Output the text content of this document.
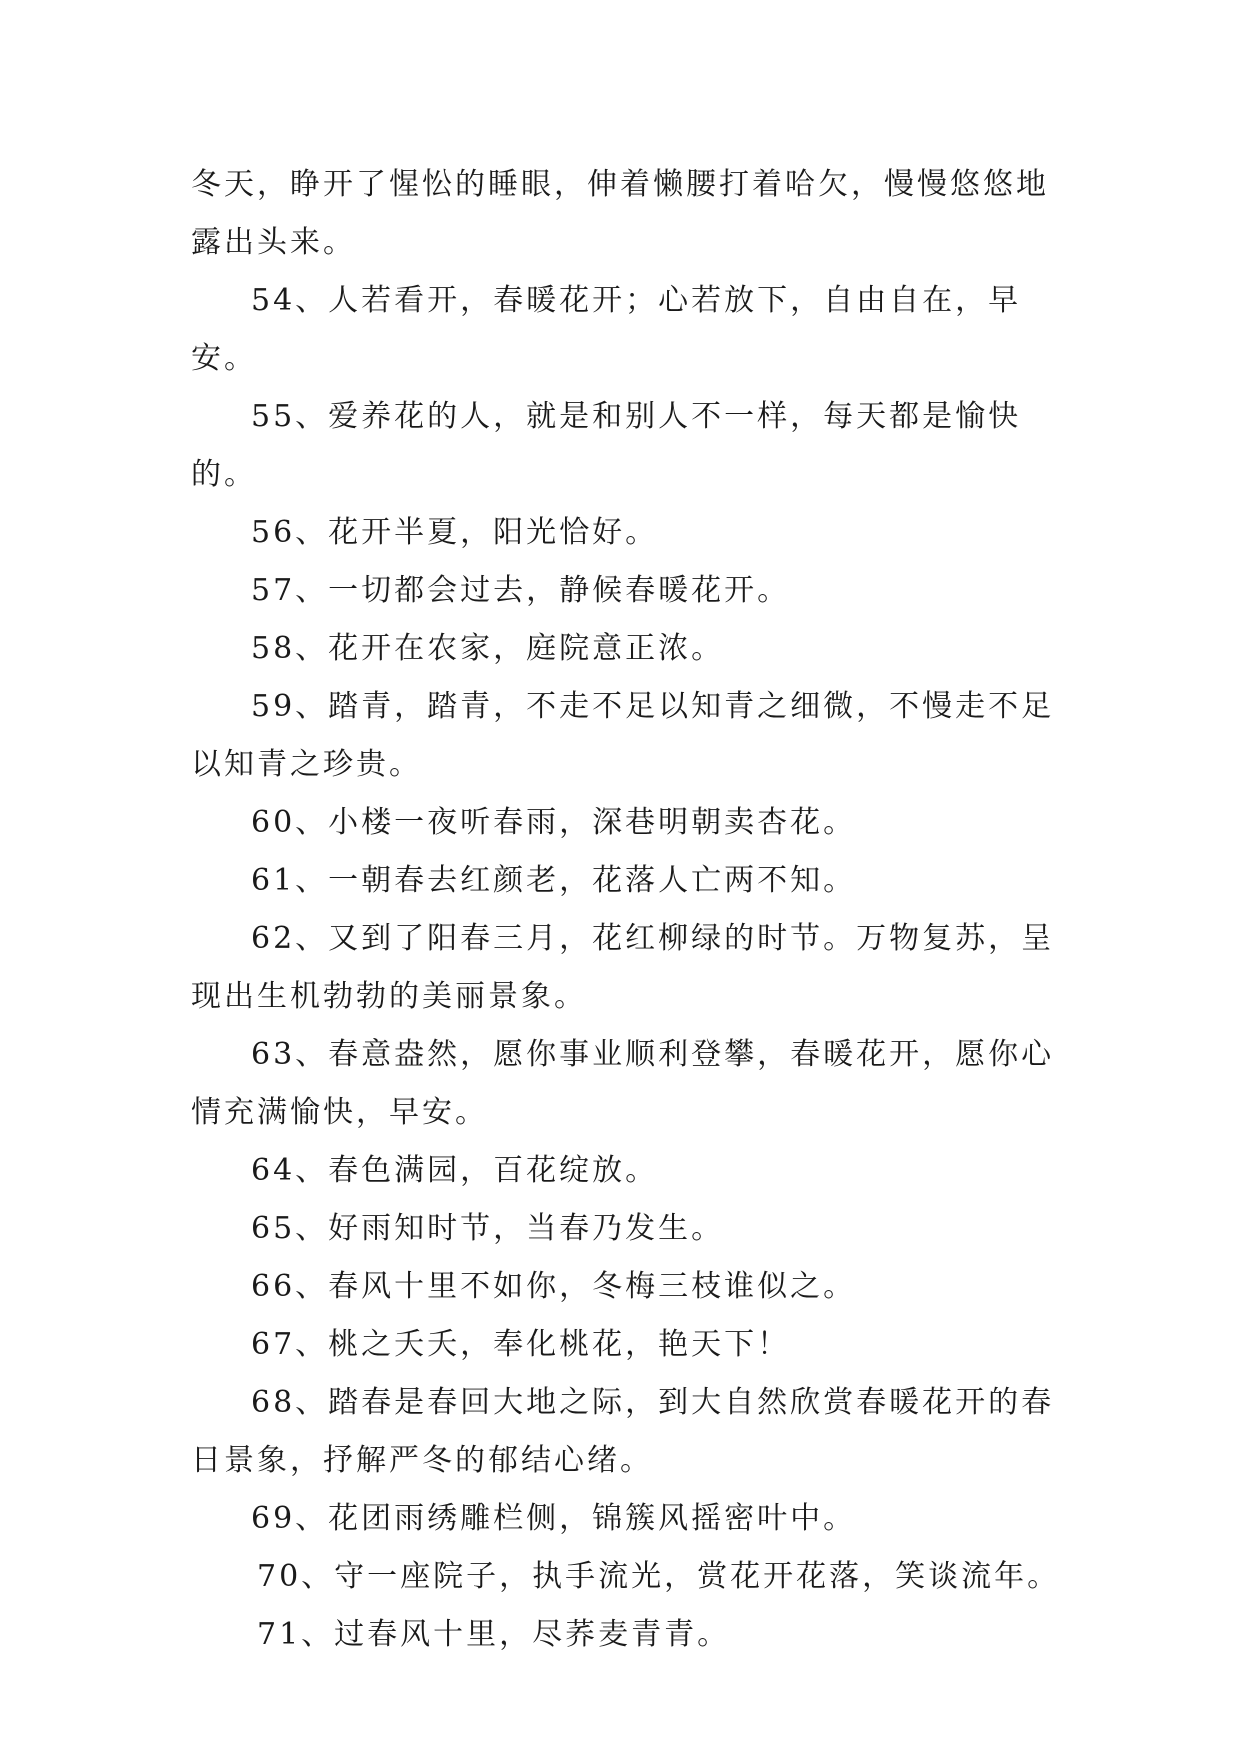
冬天，睁开了惺忪的睡眼，伸着懒腰打着哈欠，慢慢悠悠地露出头来。

54、人若看开，春暖花开；心若放下，自由自在，早安。

55、爱养花的人，就是和别人不一样，每天都是愉快的。

56、花开半夏，阳光恰好。

57、一切都会过去，静候春暖花开。

58、花开在农家，庭院意正浓。

59、踏青，踏青，不走不足以知青之细微，不慢走不足以知青之珍贵。

60、小楼一夜听春雨，深巷明朝卖杏花。

61、一朝春去红颜老，花落人亡两不知。

62、又到了阳春三月，花红柳绿的时节。万物复苏，呈现出生机勃勃的美丽景象。

63、春意盎然，愿你事业顺利登攀，春暖花开，愿你心情充满愉快，早安。

64、春色满园，百花绽放。

65、好雨知时节，当春乃发生。

66、春风十里不如你，冬梅三枝谁似之。

67、桃之夭夭，奉化桃花，艳天下！

68、踏春是春回大地之际，到大自然欣赏春暖花开的春日景象，抒解严冬的郁结心绪。

69、花团雨绣雕栏侧，锦簇风摇密叶中。

70、守一座院子，执手流光，赏花开花落，笑谈流年。

71、过春风十里，尽荞麦青青。
